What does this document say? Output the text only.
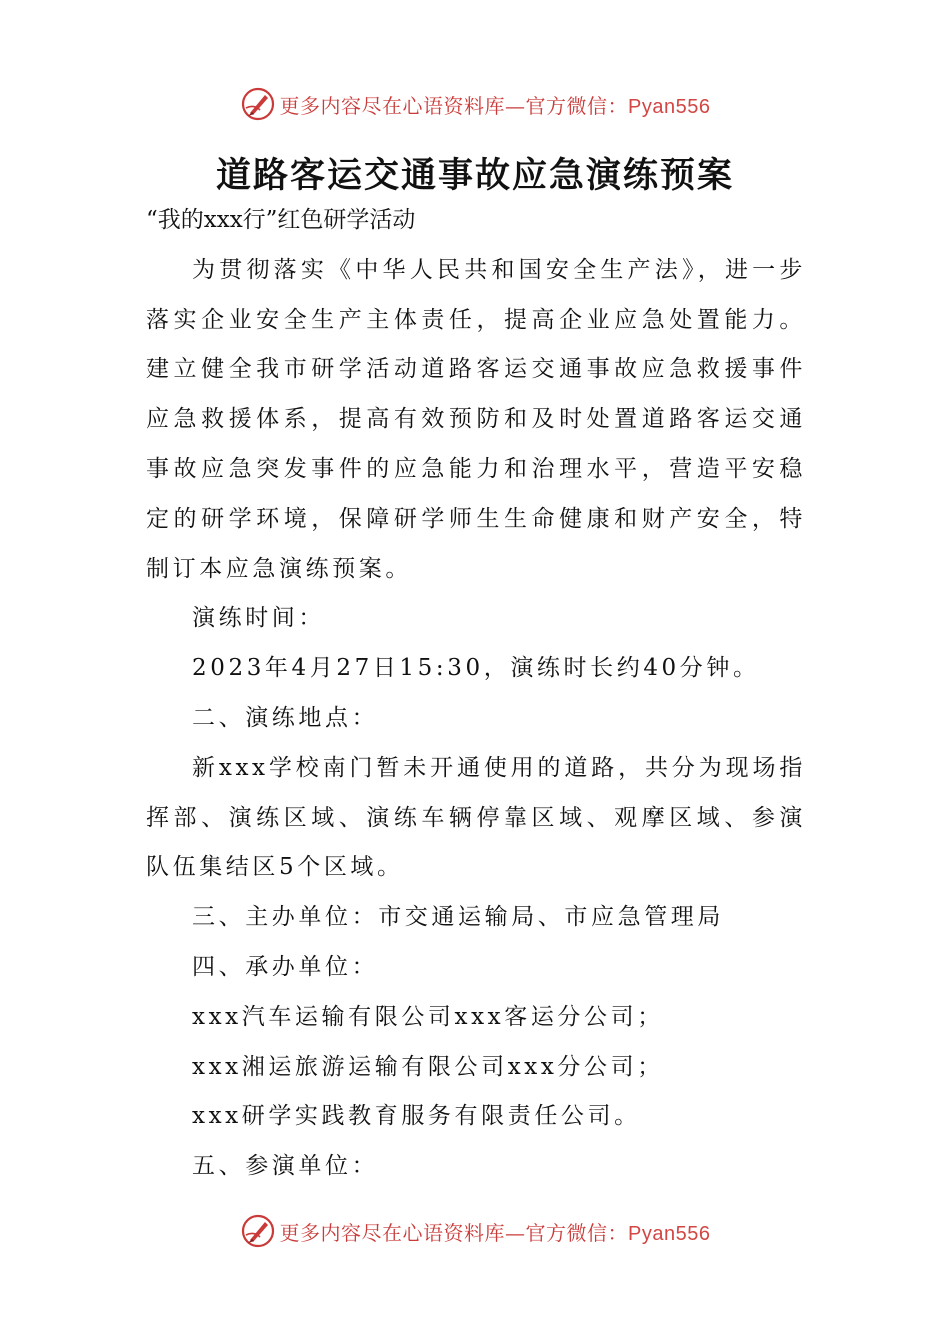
更多内容尽在心语资料库—官方微信：Pyan556
道路客运交通事故应急演练预案

“我的xxx行”红色研学活动

为贯彻落实《中华人民共和国安全生产法》，进一步落实企业安全生产主体责任，提高企业应急处置能力。建立健全我市研学活动道路客运交通事故应急救援事件应急救援体系，提高有效预防和及时处置道路客运交通事故应急突发事件的应急能力和治理水平，营造平安稳定的研学环境，保障研学师生生命健康和财产安全，特制订本应急演练预案。

演练时间：

2023年4月27日15:30，演练时长约40分钟。

二、演练地点：

新xxx学校南门暂未开通使用的道路，共分为现场指挥部、演练区域、演练车辆停靠区域、观摩区域、参演队伍集结区5个区域。

三、主办单位：市交通运输局、市应急管理局

四、承办单位：

xxx汽车运输有限公司xxx客运分公司；

xxx湘运旅游运输有限公司xxx分公司；

xxx研学实践教育服务有限责任公司。

五、参演单位：

更多内容尽在心语资料库—官方微信：Pyan556
